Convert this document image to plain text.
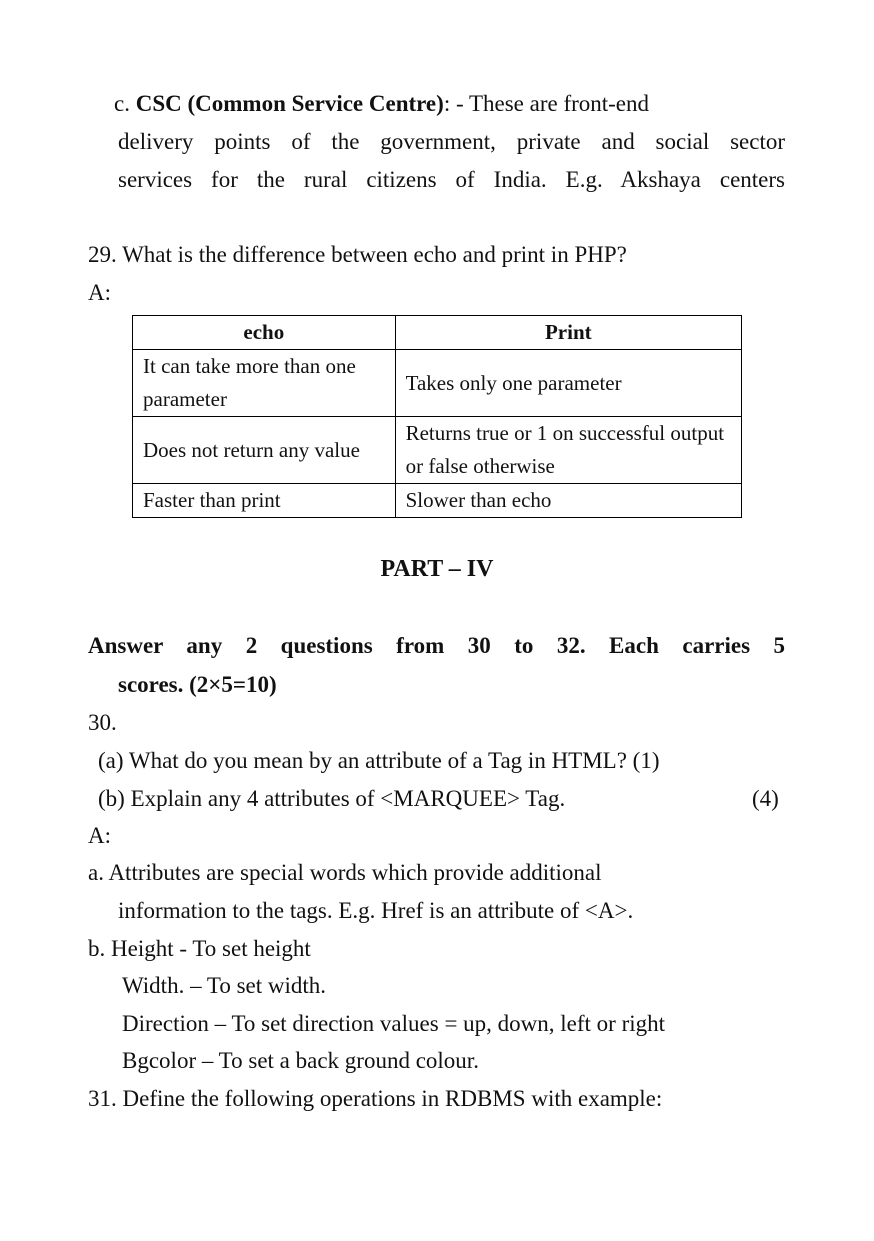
c. CSC (Common Service Centre): - These are front-end
delivery points of the government, private and social sector
services for the rural citizens of India. E.g. Akshaya centers
29. What is the difference between echo and print in PHP?
A:
echo	Print
It can take more than one parameter	Takes only one parameter
Does not return any value	Returns true or 1 on successful output or false otherwise
Faster than print	Slower than echo
PART – IV
Answer any 2 questions from 30 to 32. Each carries 5
scores. (2×5=10)
30.
(a) What do you mean by an attribute of a Tag in HTML? (1)
(b) Explain any 4 attributes of <MARQUEE> Tag.	(4)
A:
a. Attributes are special words which provide additional
information to the tags. E.g. Href is an attribute of <A>.
b. Height - To set height
Width. – To set width.
Direction – To set direction values = up, down, left or right
Bgcolor – To set a back ground colour.
31. Define the following operations in RDBMS with example:
